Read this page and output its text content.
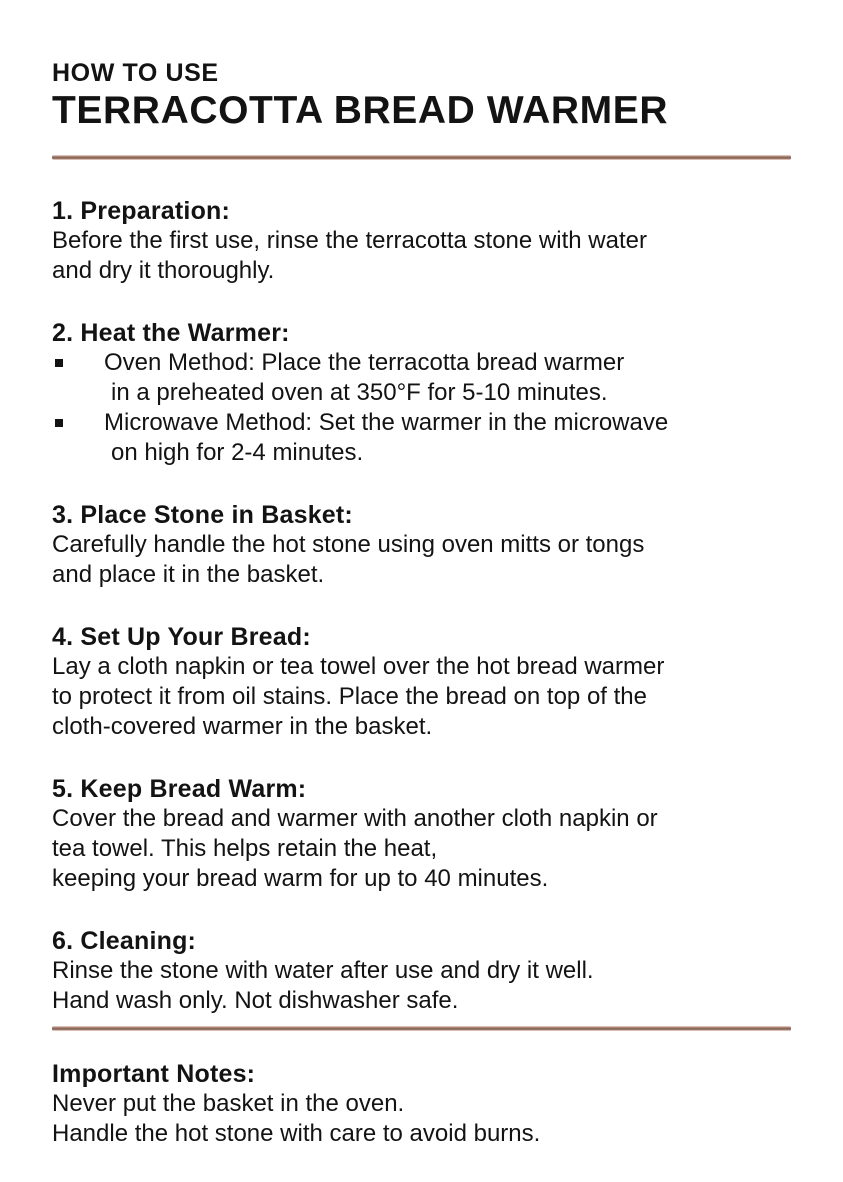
HOW TO USE
TERRACOTTA BREAD WARMER
1. Preparation:
Before the first use, rinse the terracotta stone with water
and dry it thoroughly.
2. Heat the Warmer:
Oven Method: Place the terracotta bread warmer
in a preheated oven at 350°F for 5-10 minutes.
Microwave Method: Set the warmer in the microwave
on high for 2-4 minutes.
3. Place Stone in Basket:
Carefully handle the hot stone using oven mitts or tongs
and place it in the basket.
4. Set Up Your Bread:
Lay a cloth napkin or tea towel over the hot bread warmer
to protect it from oil stains. Place the bread on top of the
cloth-covered warmer in the basket.
5. Keep Bread Warm:
Cover the bread and warmer with another cloth napkin or
tea towel. This helps retain the heat,
keeping your bread warm for up to 40 minutes.
6. Cleaning:
Rinse the stone with water after use and dry it well.
Hand wash only. Not dishwasher safe.
Important Notes:
Never put the basket in the oven.
Handle the hot stone with care to avoid burns.
